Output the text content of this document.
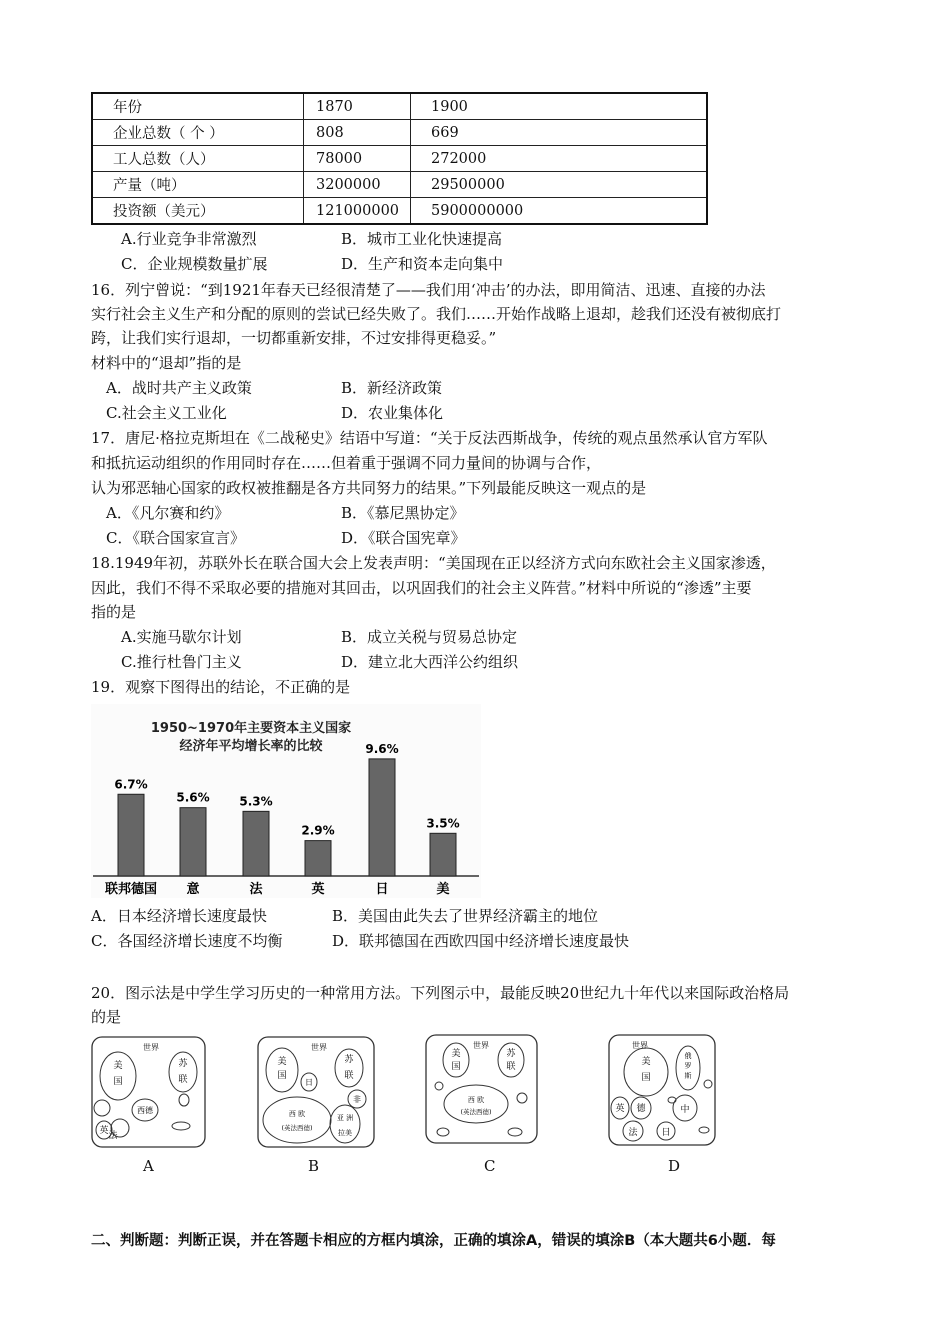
年份	1870	1900
企业总数（ 个 ）	808	669
工人总数（人）	78000	272000
产量（吨）	3200000	29500000
投资额（美元）	121000000	5900000000
A.行业竞争非常激烈	B．城市工业化快速提高
C．企业规模数量扩展	D．生产和资本走向集中
16．列宁曾说：“到1921年春天已经很清楚了——我们用‘冲击’的办法，即用简洁、迅速、直接的办法
实行社会主义生产和分配的原则的尝试已经失败了。我们……开始作战略上退却，趁我们还没有被彻底打
跨，让我们实行退却，一切都重新安排，不过安排得更稳妥。”
材料中的“退却”指的是
A．战时共产主义政策	B．新经济政策
C.社会主义工业化	D．农业集体化
17．唐尼·格拉克斯坦在《二战秘史》结语中写道：“关于反法西斯战争，传统的观点虽然承认官方军队
和抵抗运动组织的作用同时存在……但着重于强调不同力量间的协调与合作，
认为邪恶轴心国家的政权被推翻是各方共同努力的结果。”下列最能反映这一观点的是
A．《凡尔赛和约》	B．《慕尼黑协定》
C．《联合国家宣言》	D．《联合国宪章》
18.1949年初，苏联外长在联合国大会上发表声明：“美国现在正以经济方式向东欧社会主义国家渗透，
因此，我们不得不采取必要的措施对其回击，以巩固我们的社会主义阵营。”材料中所说的“渗透”主要
指的是
A.实施马歇尔计划	B．成立关税与贸易总协定
C.推行杜鲁门主义	D．建立北大西洋公约组织
19．观察下图得出的结论，不正确的是
1950~1970年主要资本主义国家
经济年平均增长率的比较
6.7%
联邦德国
5.6%
意
5.3%
法
2.9%
英
9.6%
日
3.5%
美
A．日本经济增长速度最快	B．美国由此失去了世界经济霸主的地位
C．各国经济增长速度不均衡	D．联邦德国在西欧四国中经济增长速度最快
20．图示法是中学生学习历史的一种常用方法。下列图示中，最能反映20世纪九十年代以来国际政治格局
的是
世界
美
国
苏
联
西德
英 法
世界
美
国
苏
联
日
西 欧
(英法西德)
非
亚 洲
拉美
世界
美
国
苏
联
西 欧
(英法西德)
世界
美
国
俄
罗
斯
英 德	中
法	日
A	B	C	D
二、判断题：判断正误，并在答题卡相应的方框内填涂，正确的填涂A，错误的填涂B（本大题共6小题．每
